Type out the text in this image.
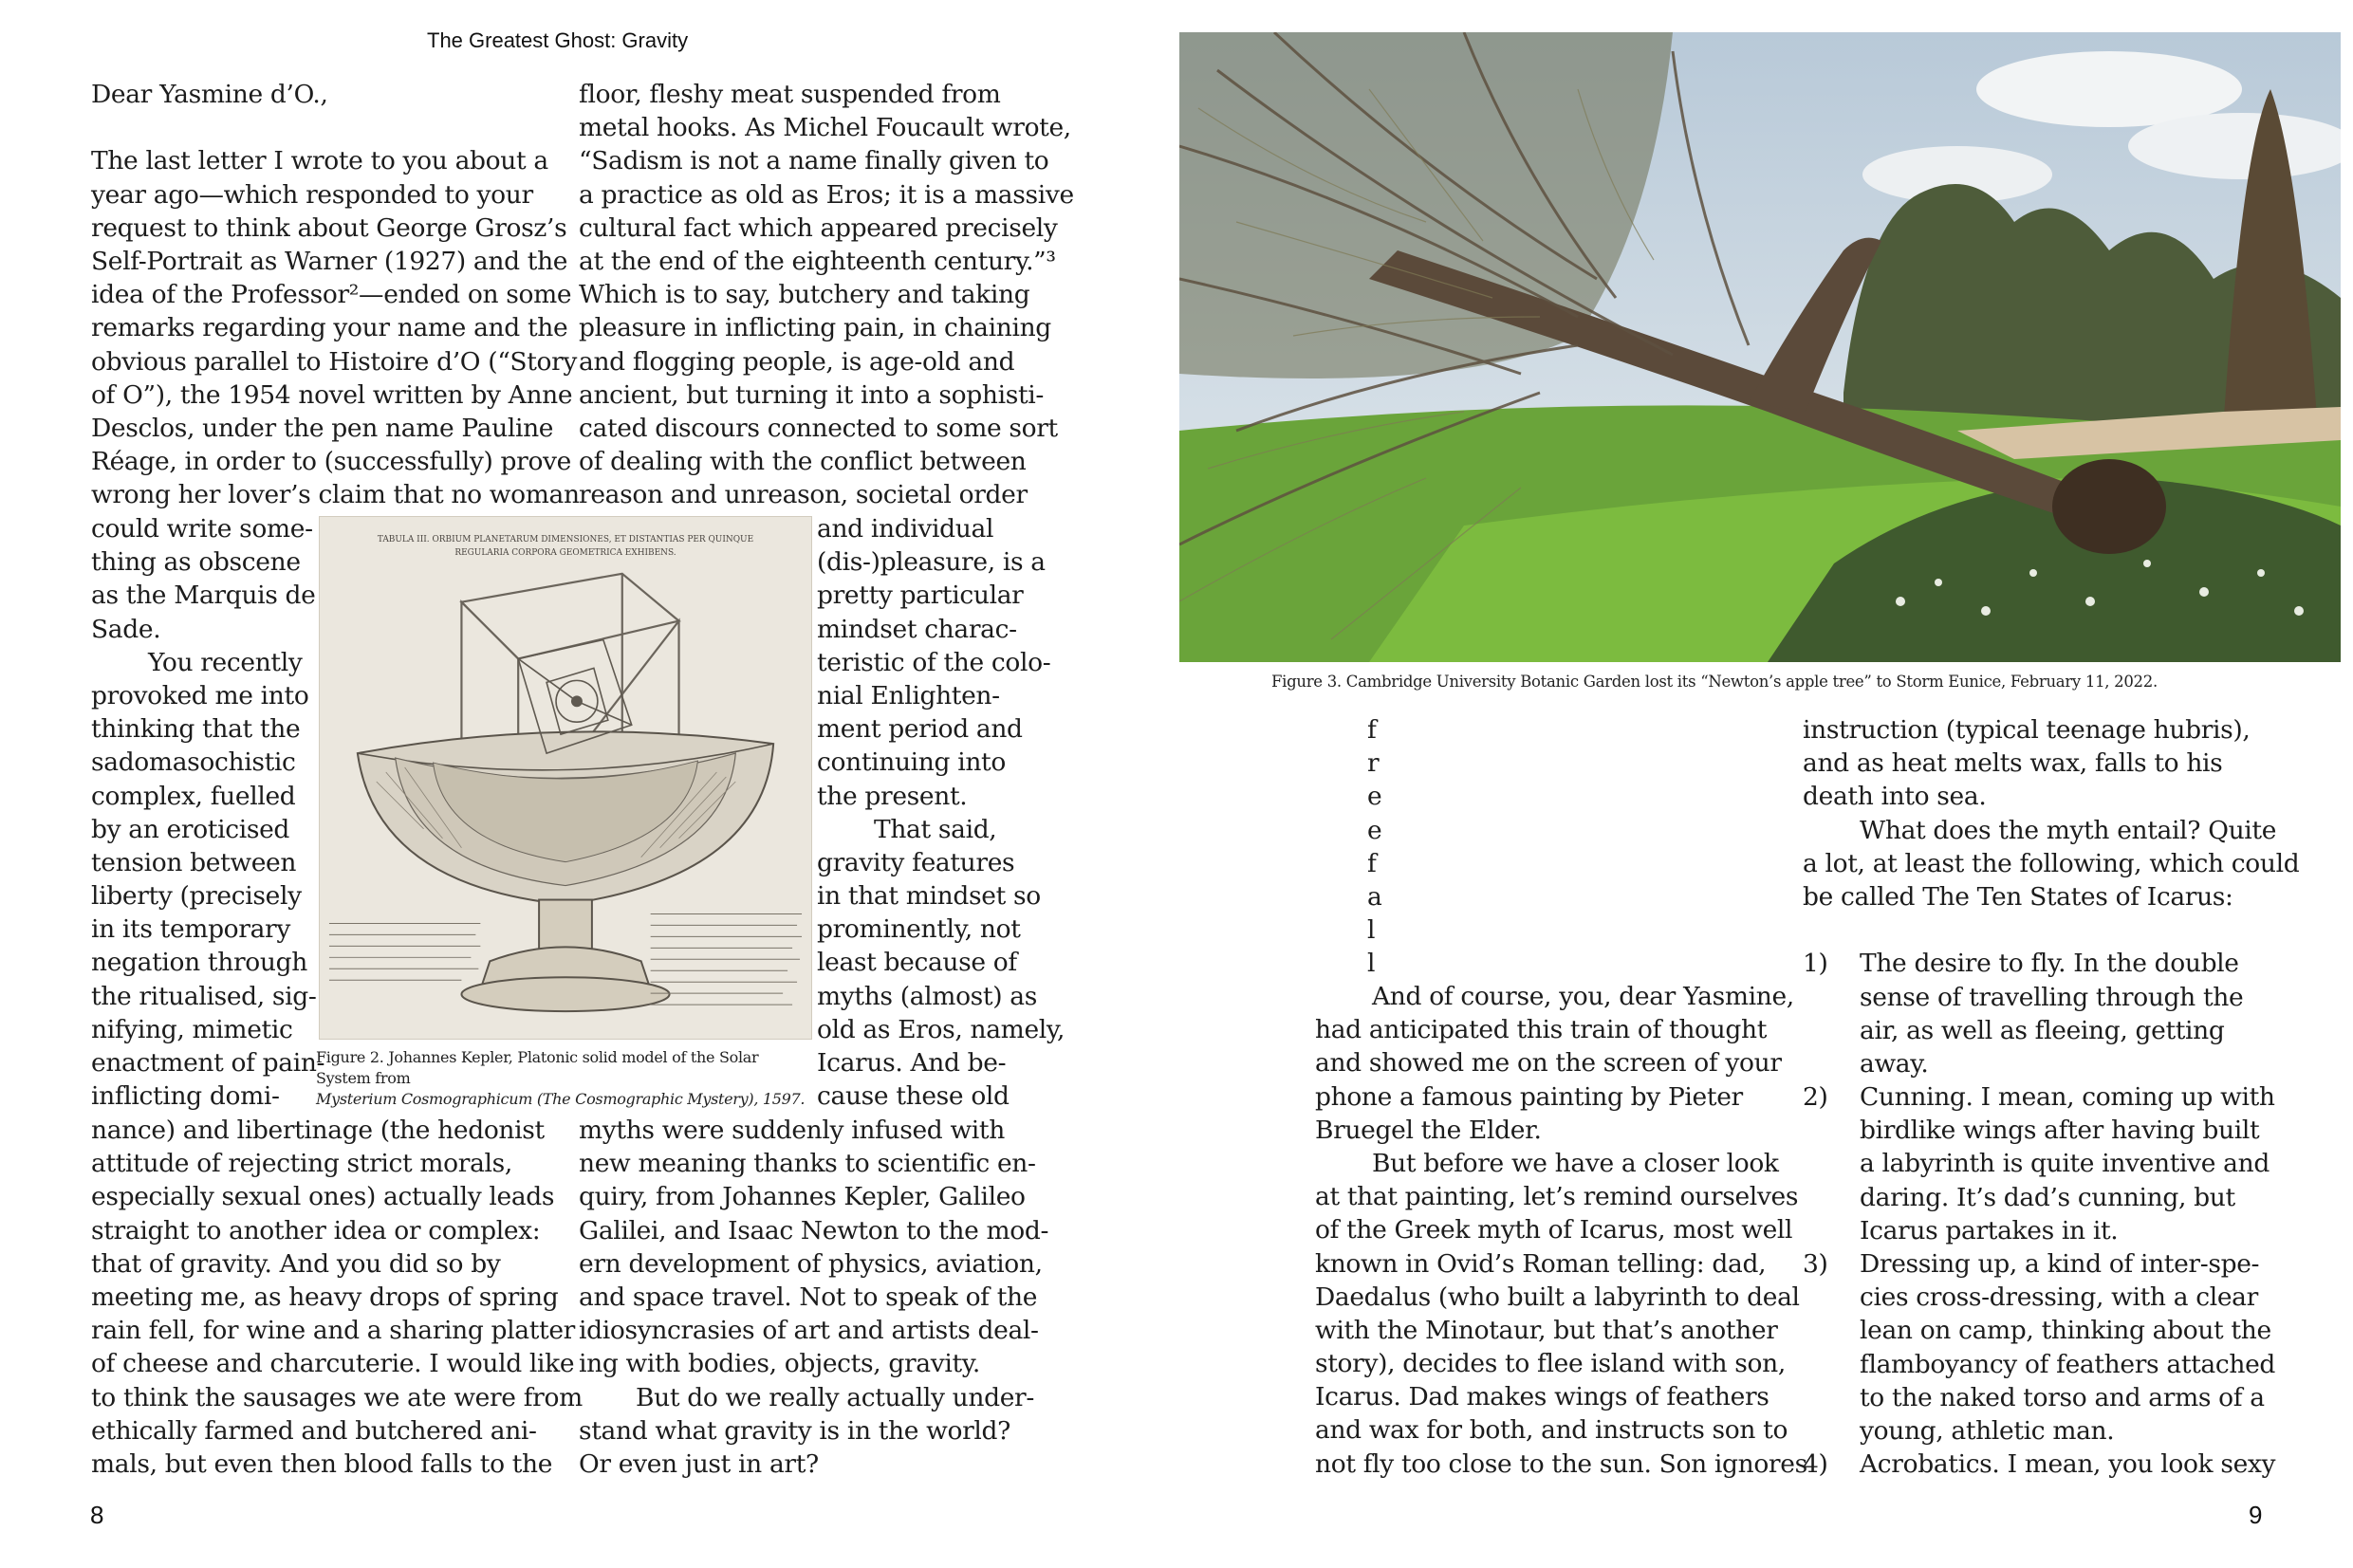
The Greatest Ghost: Gravity
8	9
Dear Yasmine d’O.,
The last letter I wrote to you about a
year ago—which responded to your
request to think about George Grosz’s
Self-Portrait as Warner (1927) and the
idea of the Professor²—ended on some
remarks regarding your name and the
obvious parallel to Histoire d’O (“Story
of O”), the 1954 novel written by Anne
Desclos, under the pen name Pauline
Réage, in order to (successfully) prove
wrong her lover’s claim that no woman
could write some-
thing as obscene
as the Marquis de
Sade.
You recently
provoked me into
thinking that the
sadomasochistic
complex, fuelled
by an eroticised
tension between
liberty (precisely
in its temporary
negation through
the ritualised, sig-
nifying, mimetic
enactment of pain-
inflicting domi-
nance) and libertinage (the hedonist
attitude of rejecting strict morals,
especially sexual ones) actually leads
straight to another idea or complex:
that of gravity. And you did so by
meeting me, as heavy drops of spring
rain fell, for wine and a sharing platter
of cheese and charcuterie. I would like
to think the sausages we ate were from
ethically farmed and butchered ani-
mals, but even then blood falls to the
floor, fleshy meat suspended from
metal hooks. As Michel Foucault wrote,
“Sadism is not a name finally given to
a practice as old as Eros; it is a massive
cultural fact which appeared precisely
at the end of the eighteenth century.”³
Which is to say, butchery and taking
pleasure in inflicting pain, in chaining
and flogging people, is age-old and
ancient, but turning it into a sophisti-
cated discours connected to some sort
of dealing with the conflict between
reason and unreason, societal order
and individual
(dis-)pleasure, is a
pretty particular
mindset charac-
teristic of the colo-
nial Enlighten-
ment period and
continuing into
the present.
That said,
gravity features
in that mindset so
prominently, not
least because of
myths (almost) as
old as Eros, namely,
Icarus. And be-
cause these old
myths were suddenly infused with
new meaning thanks to scientific en-
quiry, from Johannes Kepler, Galileo
Galilei, and Isaac Newton to the mod-
ern development of physics, aviation,
and space travel. Not to speak of the
idiosyncrasies of art and artists deal-
ing with bodies, objects, gravity.
But do we really actually under-
stand what gravity is in the world?
Or even just in art?
TABULA III. ORBIUM PLANETARUM DIMENSIONES, ET DISTANTIAS PER QUINQUE
REGULARIA CORPORA GEOMETRICA EXHIBENS.
Figure 2. Johannes Kepler, Platonic solid model of the Solar System from
Mysterium Cosmographicum (The Cosmographic Mystery), 1597.
Figure 3. Cambridge University Botanic Garden lost its “Newton’s apple tree” to Storm Eunice, February 11, 2022.
f
r
e
e
f
a
l
l
And of course, you, dear Yasmine,
had anticipated this train of thought
and showed me on the screen of your
phone a famous painting by Pieter
Bruegel the Elder.
But before we have a closer look
at that painting, let’s remind ourselves
of the Greek myth of Icarus, most well
known in Ovid’s Roman telling: dad,
Daedalus (who built a labyrinth to deal
with the Minotaur, but that’s another
story), decides to flee island with son,
Icarus. Dad makes wings of feathers
and wax for both, and instructs son to
not fly too close to the sun. Son ignores
instruction (typical teenage hubris),
and as heat melts wax, falls to his
death into sea.
What does the myth entail? Quite
a lot, at least the following, which could
be called The Ten States of Icarus:
1) The desire to fly. In the double
sense of travelling through the
air, as well as fleeing, getting
away.
2) Cunning. I mean, coming up with
birdlike wings after having built
a labyrinth is quite inventive and
daring. It’s dad’s cunning, but
Icarus partakes in it.
3) Dressing up, a kind of inter-spe-
cies cross-dressing, with a clear
lean on camp, thinking about the
flamboyancy of feathers attached
to the naked torso and arms of a
young, athletic man.
4) Acrobatics. I mean, you look sexy
